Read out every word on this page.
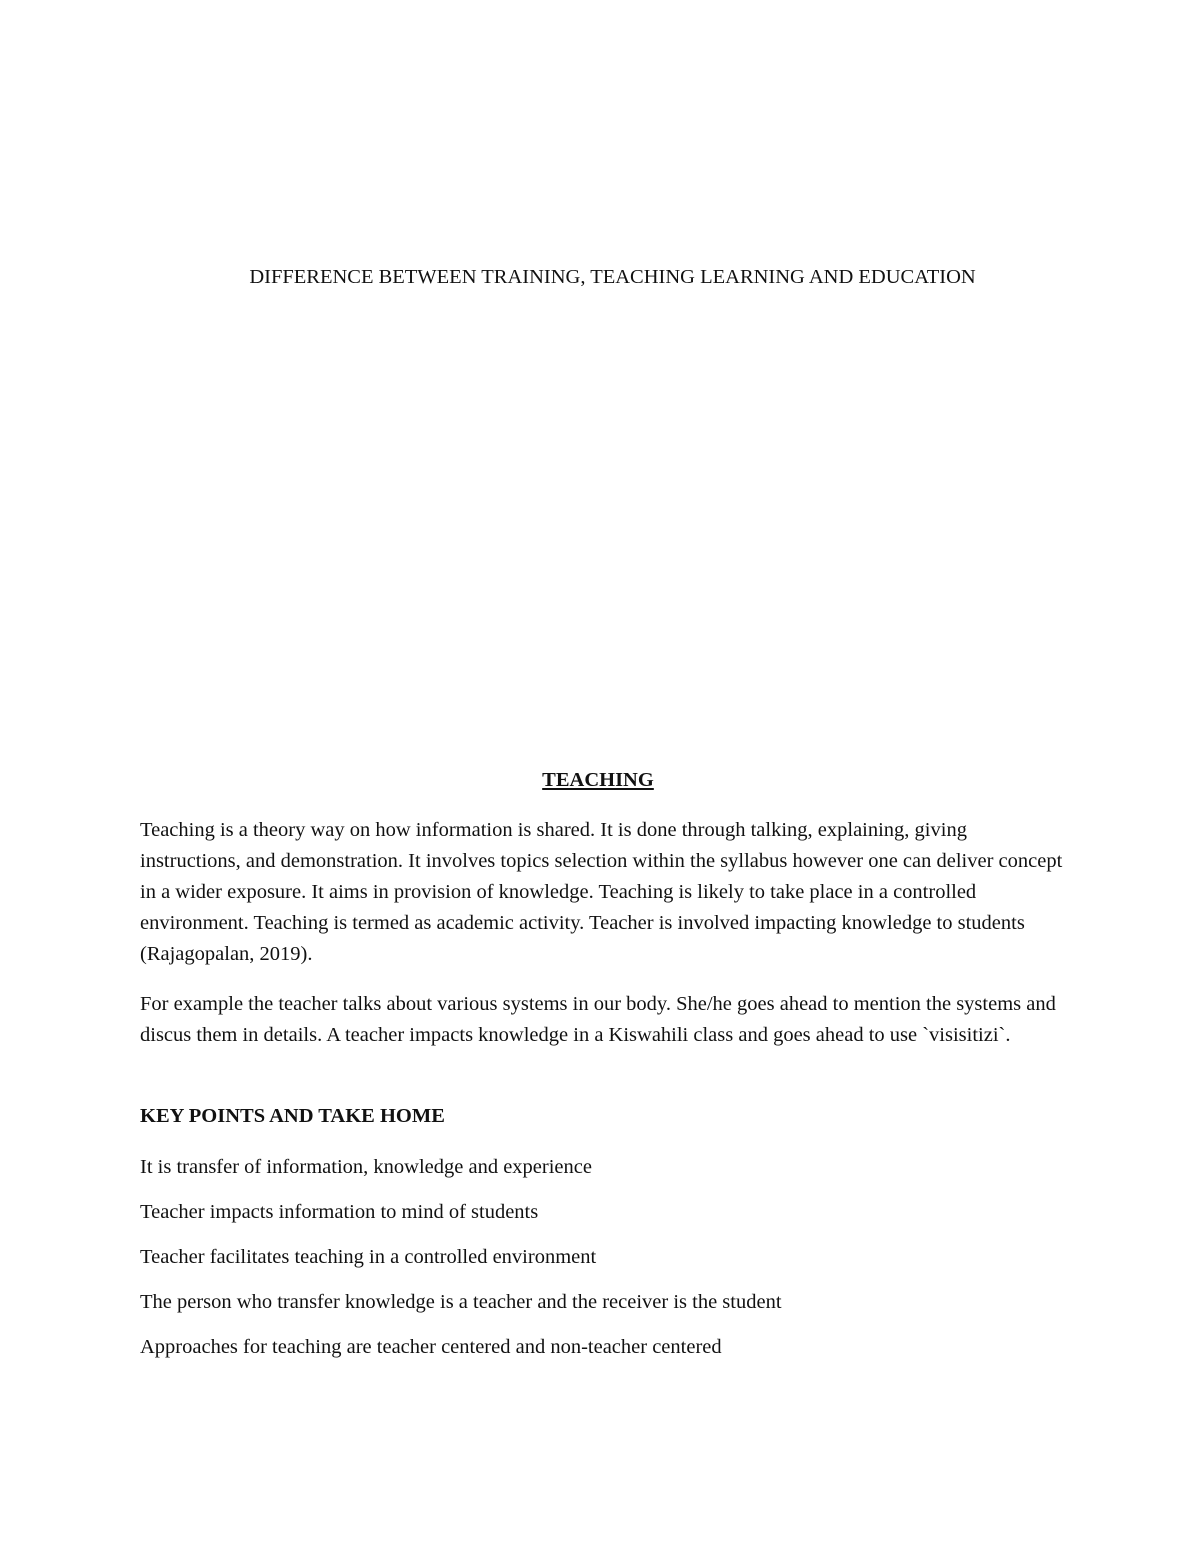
DIFFERENCE BETWEEN TRAINING, TEACHING LEARNING AND EDUCATION
TEACHING

Teaching is a theory way on how information is shared. It is done through talking, explaining, giving instructions, and demonstration. It involves topics selection within the syllabus however one can deliver concept in a wider exposure. It aims in provision of knowledge. Teaching is likely to take place in a controlled environment. Teaching is termed as academic activity. Teacher is involved impacting knowledge to students (Rajagopalan, 2019).

For example the teacher talks about various systems in our body. She/he goes ahead to mention the systems and discus them in details. A teacher impacts knowledge in a Kiswahili class and goes ahead to use `visisitizi`.

KEY POINTS AND TAKE HOME
It is transfer of information, knowledge and experience
Teacher impacts information to mind of students
Teacher facilitates teaching in a controlled environment
The person who transfer knowledge is a teacher and the receiver is the student
Approaches for teaching are teacher centered and non-teacher centered
